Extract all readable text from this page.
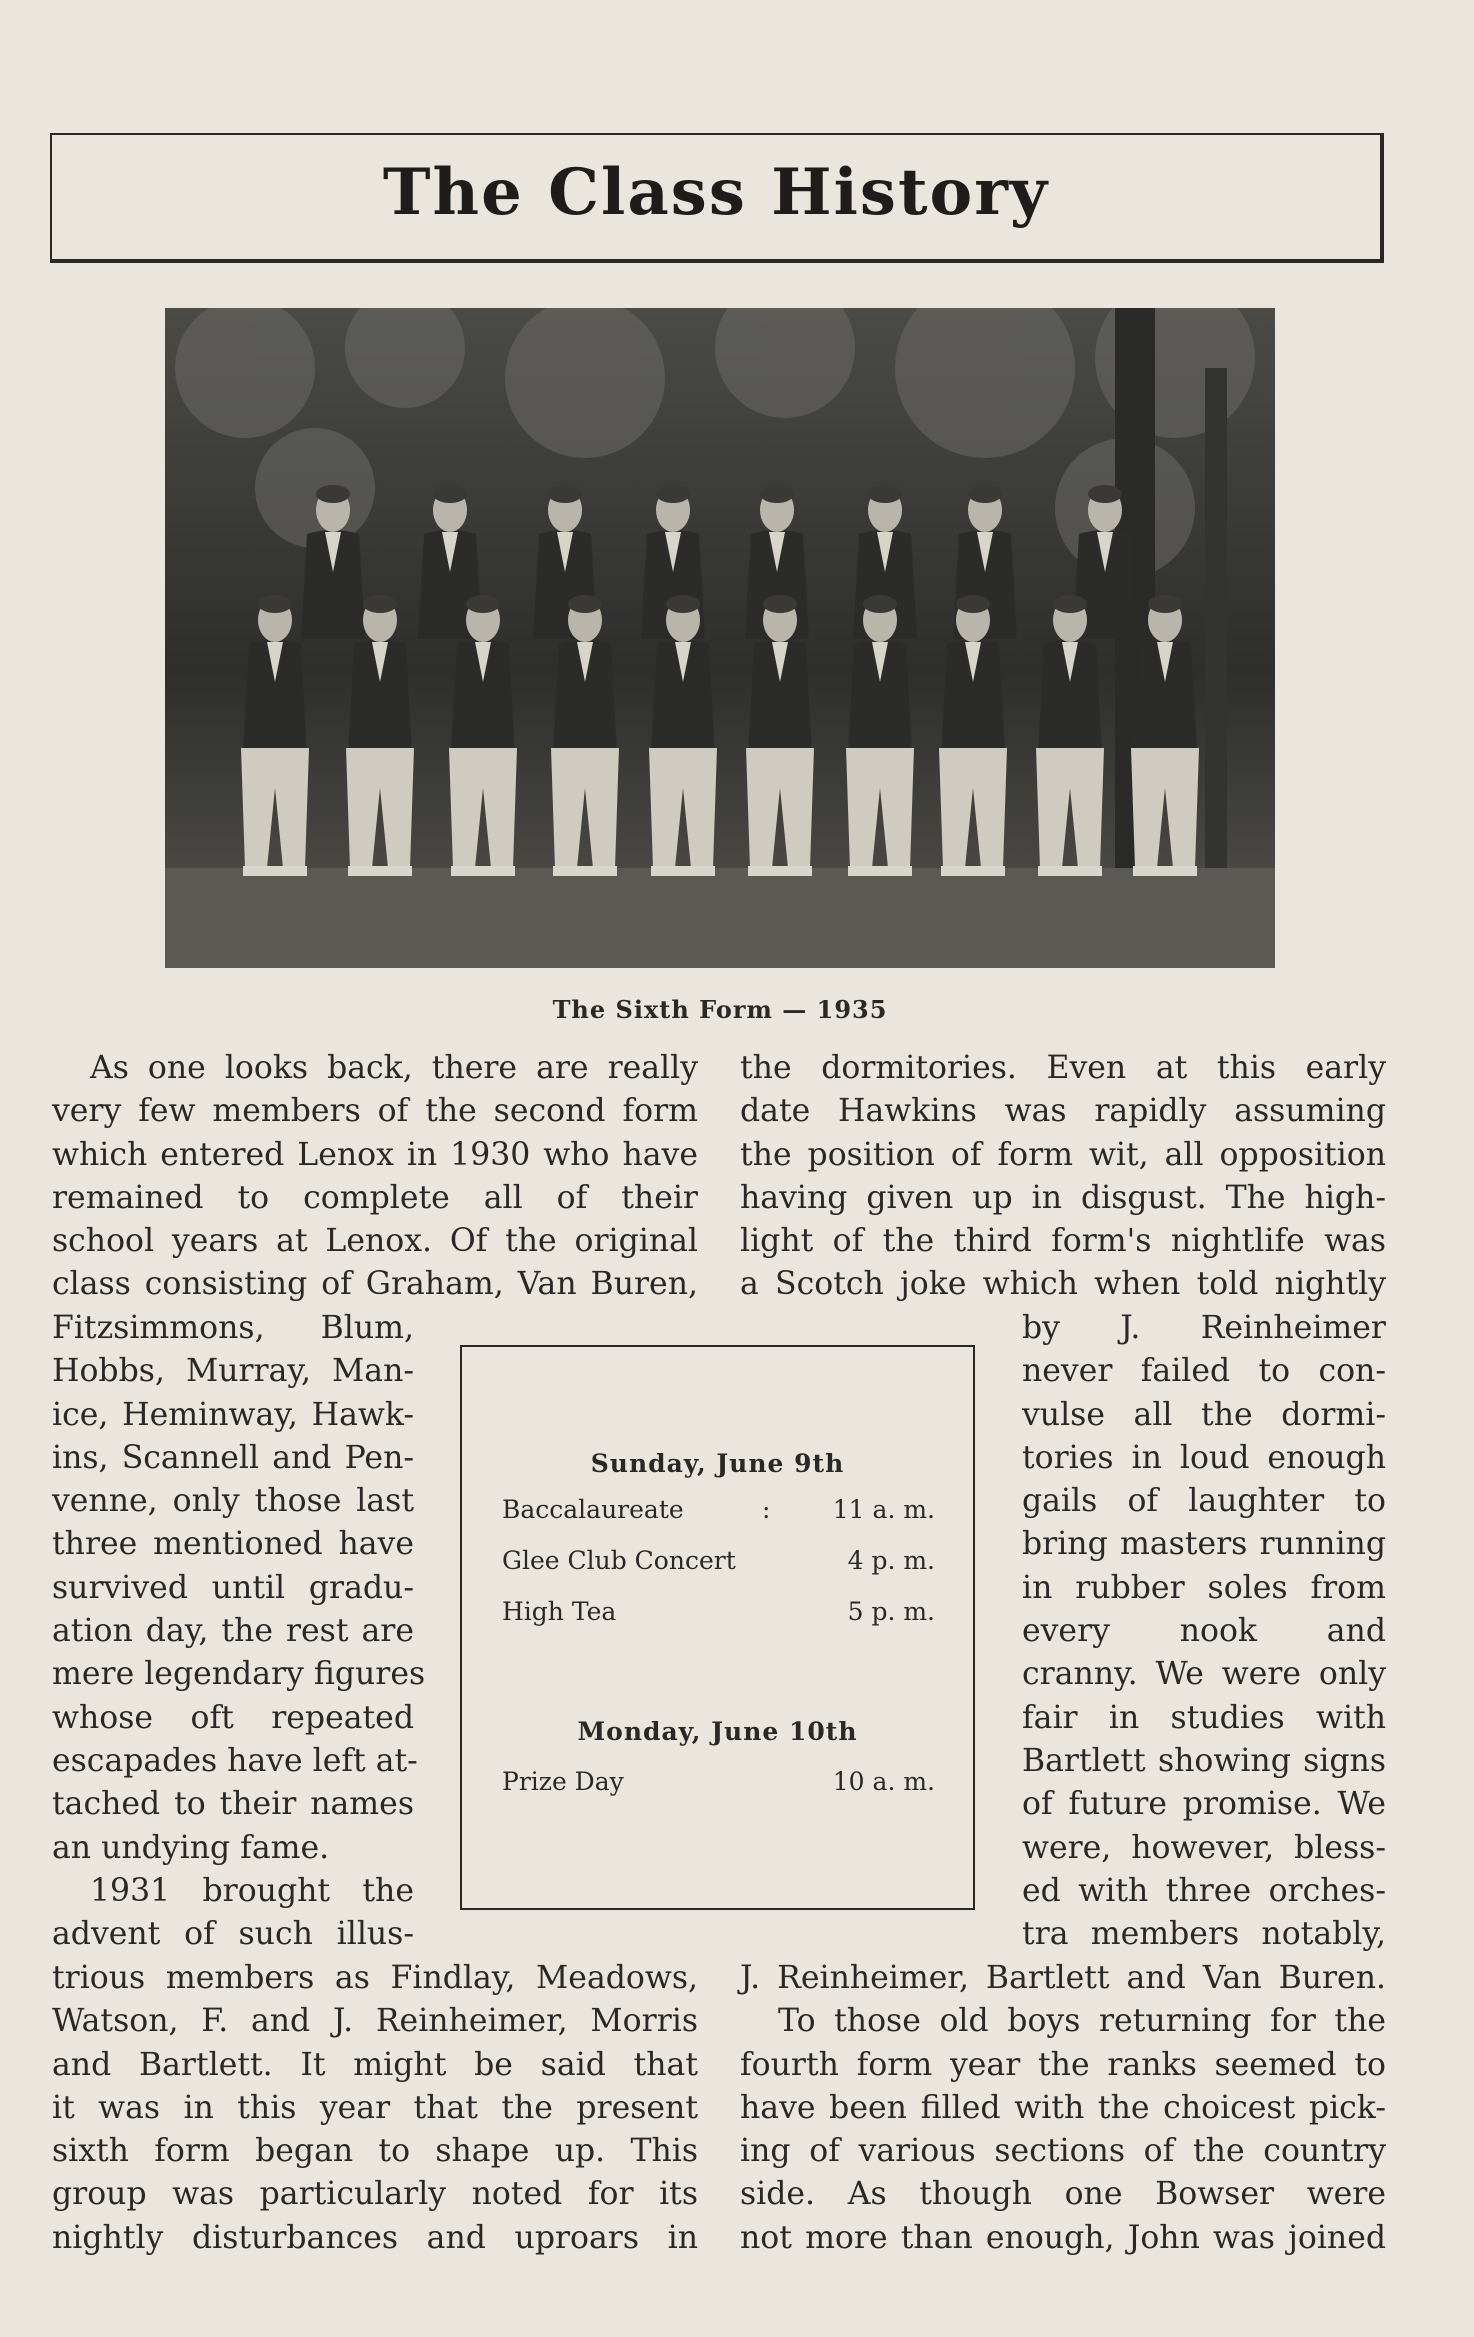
The Class History
The Sixth Form — 1935
As one looks back, there are really
very few members of the second form
which entered Lenox in 1930 who have
remained to complete all of their
school years at Lenox. Of the original
class consisting of Graham, Van Buren,
Fitzsimmons, Blum,
Hobbs, Murray, Man-
ice, Heminway, Hawk-
ins, Scannell and Pen-
venne, only those last
three mentioned have
survived until gradu-
ation day, the rest are
mere legendary figures
whose oft repeated
escapades have left at-
tached to their names
an undying fame.
1931 brought the
advent of such illus-
trious members as Findlay, Meadows,
Watson, F. and J. Reinheimer, Morris
and Bartlett. It might be said that
it was in this year that the present
sixth form began to shape up. This
group was particularly noted for its
nightly disturbances and uproars in
the dormitories. Even at this early
date Hawkins was rapidly assuming
the position of form wit, all opposition
having given up in disgust. The high-
light of the third form's nightlife was
a Scotch joke which when told nightly
by J. Reinheimer
never failed to con-
vulse all the dormi-
tories in loud enough
gails of laughter to
bring masters running
in rubber soles from
every nook and
cranny. We were only
fair in studies with
Bartlett showing signs
of future promise. We
were, however, bless-
ed with three orches-
tra members notably,
J. Reinheimer, Bartlett and Van Buren.
To those old boys returning for the
fourth form year the ranks seemed to
have been filled with the choicest pick-
ing of various sections of the country
side. As though one Bowser were
not more than enough, John was joined
Sunday, June 9th
Baccalaureate	: 11 a. m.
Glee Club Concert	4 p. m.
High Tea	5 p. m.
Monday, June 10th
Prize Day	10 a. m.
